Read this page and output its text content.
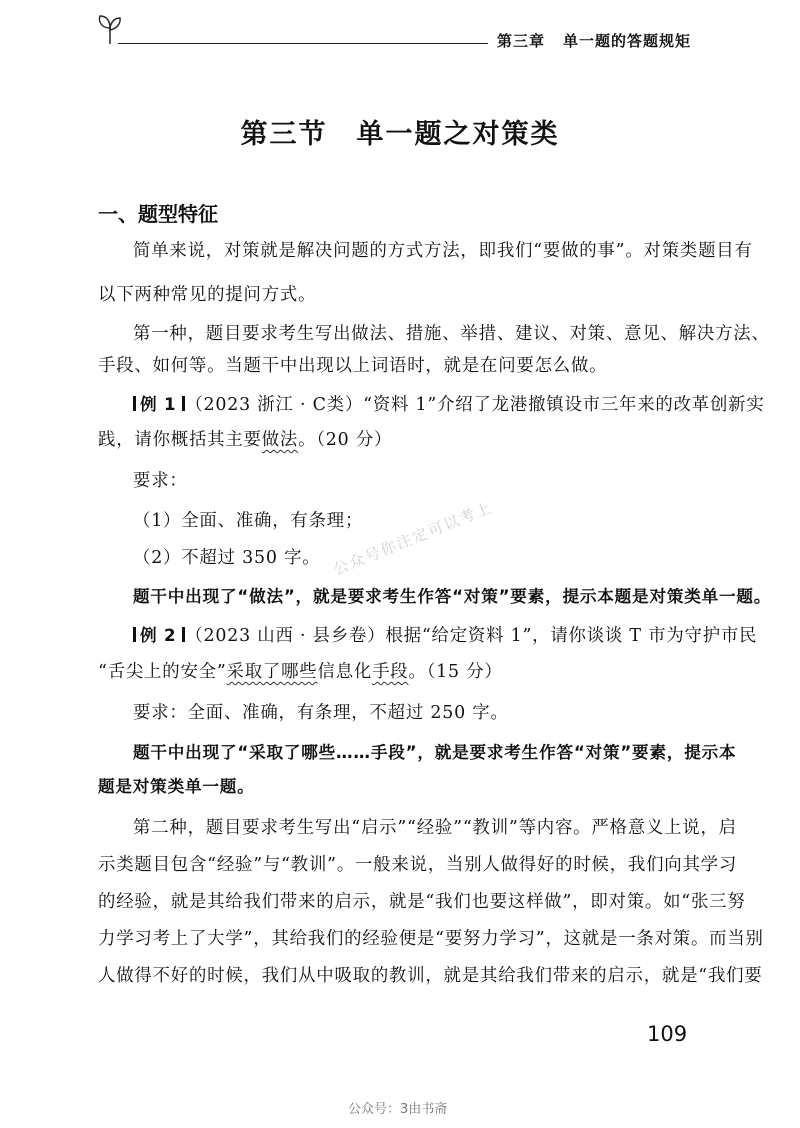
第三章 单一题的答题规矩
第三节　单一题之对策类
一、题型特征
简单来说，对策就是解决问题的方式方法，即我们“要做的事”。对策类题目有
以下两种常见的提问方式。
第一种，题目要求考生写出做法、措施、举措、建议、对策、意见、解决方法、
手段、如何等。当题干中出现以上词语时，就是在问要怎么做。
例 1 （2023 浙江 · C类）“资料 1”介绍了龙港撤镇设市三年来的改革创新实
践，请你概括其主要做法。（20 分）
要求：
（1）全面、准确，有条理；
（2）不超过 350 字。
题干中出现了“做法”，就是要求考生作答“对策”要素，提示本题是对策类单一题。
公众号你注定可以考上
例 2 （2023 山西 · 县乡卷）根据“给定资料 1”，请你谈谈 T 市为守护市民
“舌尖上的安全”采取了哪些信息化手段。（15 分）
要求：全面、准确，有条理，不超过 250 字。
题干中出现了“采取了哪些……手段”，就是要求考生作答“对策”要素，提示本
题是对策类单一题。
第二种，题目要求考生写出“启示”“经验”“教训”等内容。严格意义上说，启
示类题目包含“经验”与“教训”。一般来说，当别人做得好的时候，我们向其学习
的经验，就是其给我们带来的启示，就是“我们也要这样做”，即对策。如“张三努
力学习考上了大学”，其给我们的经验便是“要努力学习”，这就是一条对策。而当别
人做得不好的时候，我们从中吸取的教训，就是其给我们带来的启示，就是“我们要
109
公众号：3由书斋
